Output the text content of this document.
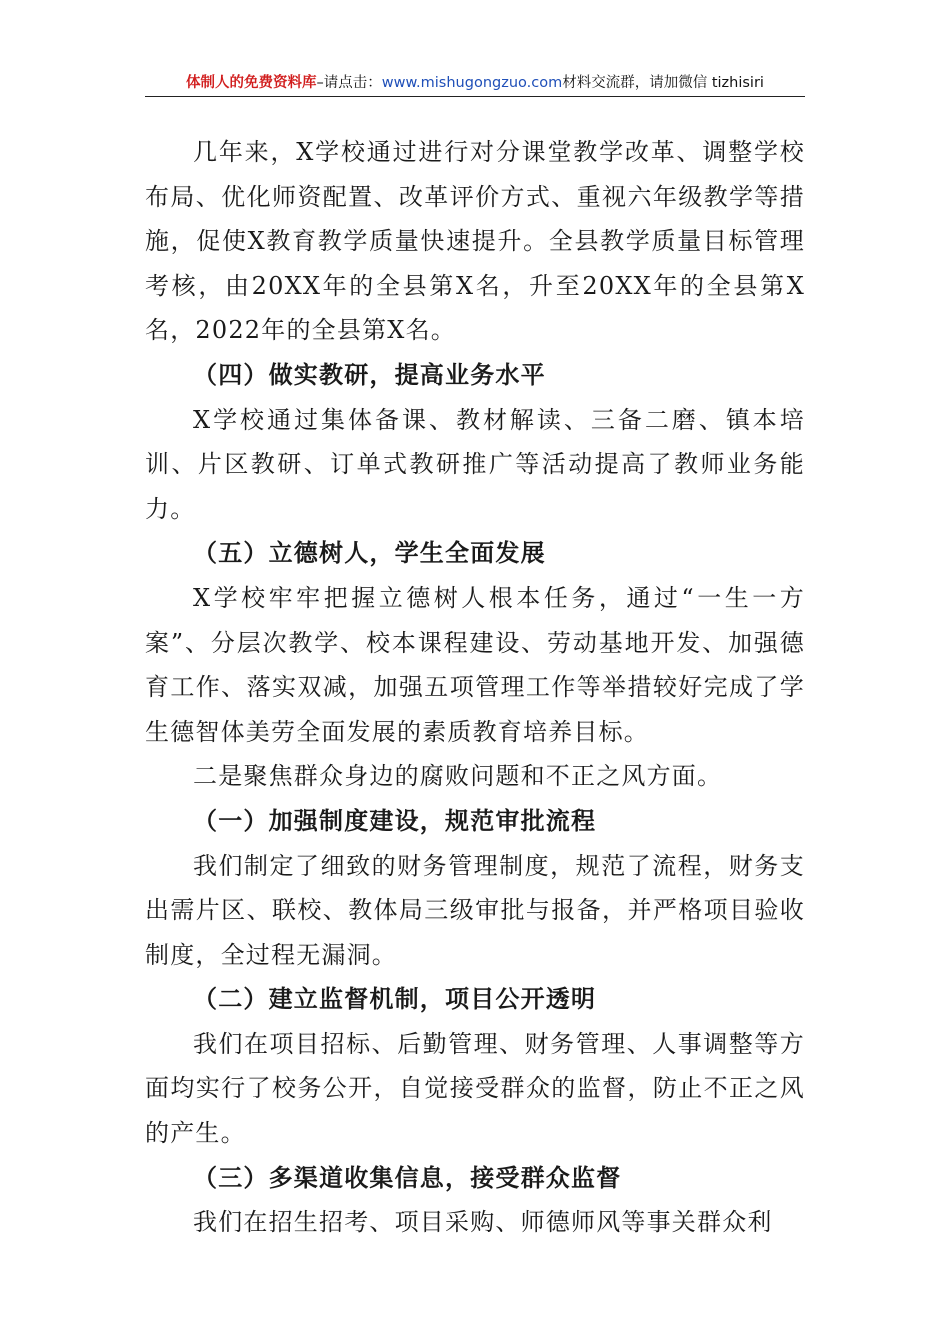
体制人的免费资料库 –请点击： www.mishugongzuo.com 材料交流群，请加微信 tizhisiri

几年来，X学校通过进行对分课堂教学改革、调整学校布局、优化师资配置、改革评价方式、重视六年级教学等措施，促使X教育教学质量快速提升。全县教学质量目标管理考核，由20XX年的全县第X名，升至20XX年的全县第X名，2022年的全县第X名。

（四）做实教研，提高业务水平

X学校通过集体备课、教材解读、三备二磨、镇本培训、片区教研、订单式教研推广等活动提高了教师业务能力。

（五）立德树人，学生全面发展

X学校牢牢把握立德树人根本任务，通过“一生一方案”、分层次教学、校本课程建设、劳动基地开发、加强德育工作、落实双减，加强五项管理工作等举措较好完成了学生德智体美劳全面发展的素质教育培养目标。

二是聚焦群众身边的腐败问题和不正之风方面。

（一）加强制度建设，规范审批流程

我们制定了细致的财务管理制度，规范了流程，财务支出需片区、联校、教体局三级审批与报备，并严格项目验收制度，全过程无漏洞。

（二）建立监督机制，项目公开透明

我们在项目招标、后勤管理、财务管理、人事调整等方面均实行了校务公开，自觉接受群众的监督，防止不正之风的产生。

（三）多渠道收集信息，接受群众监督

我们在招生招考、项目采购、师德师风等事关群众利
